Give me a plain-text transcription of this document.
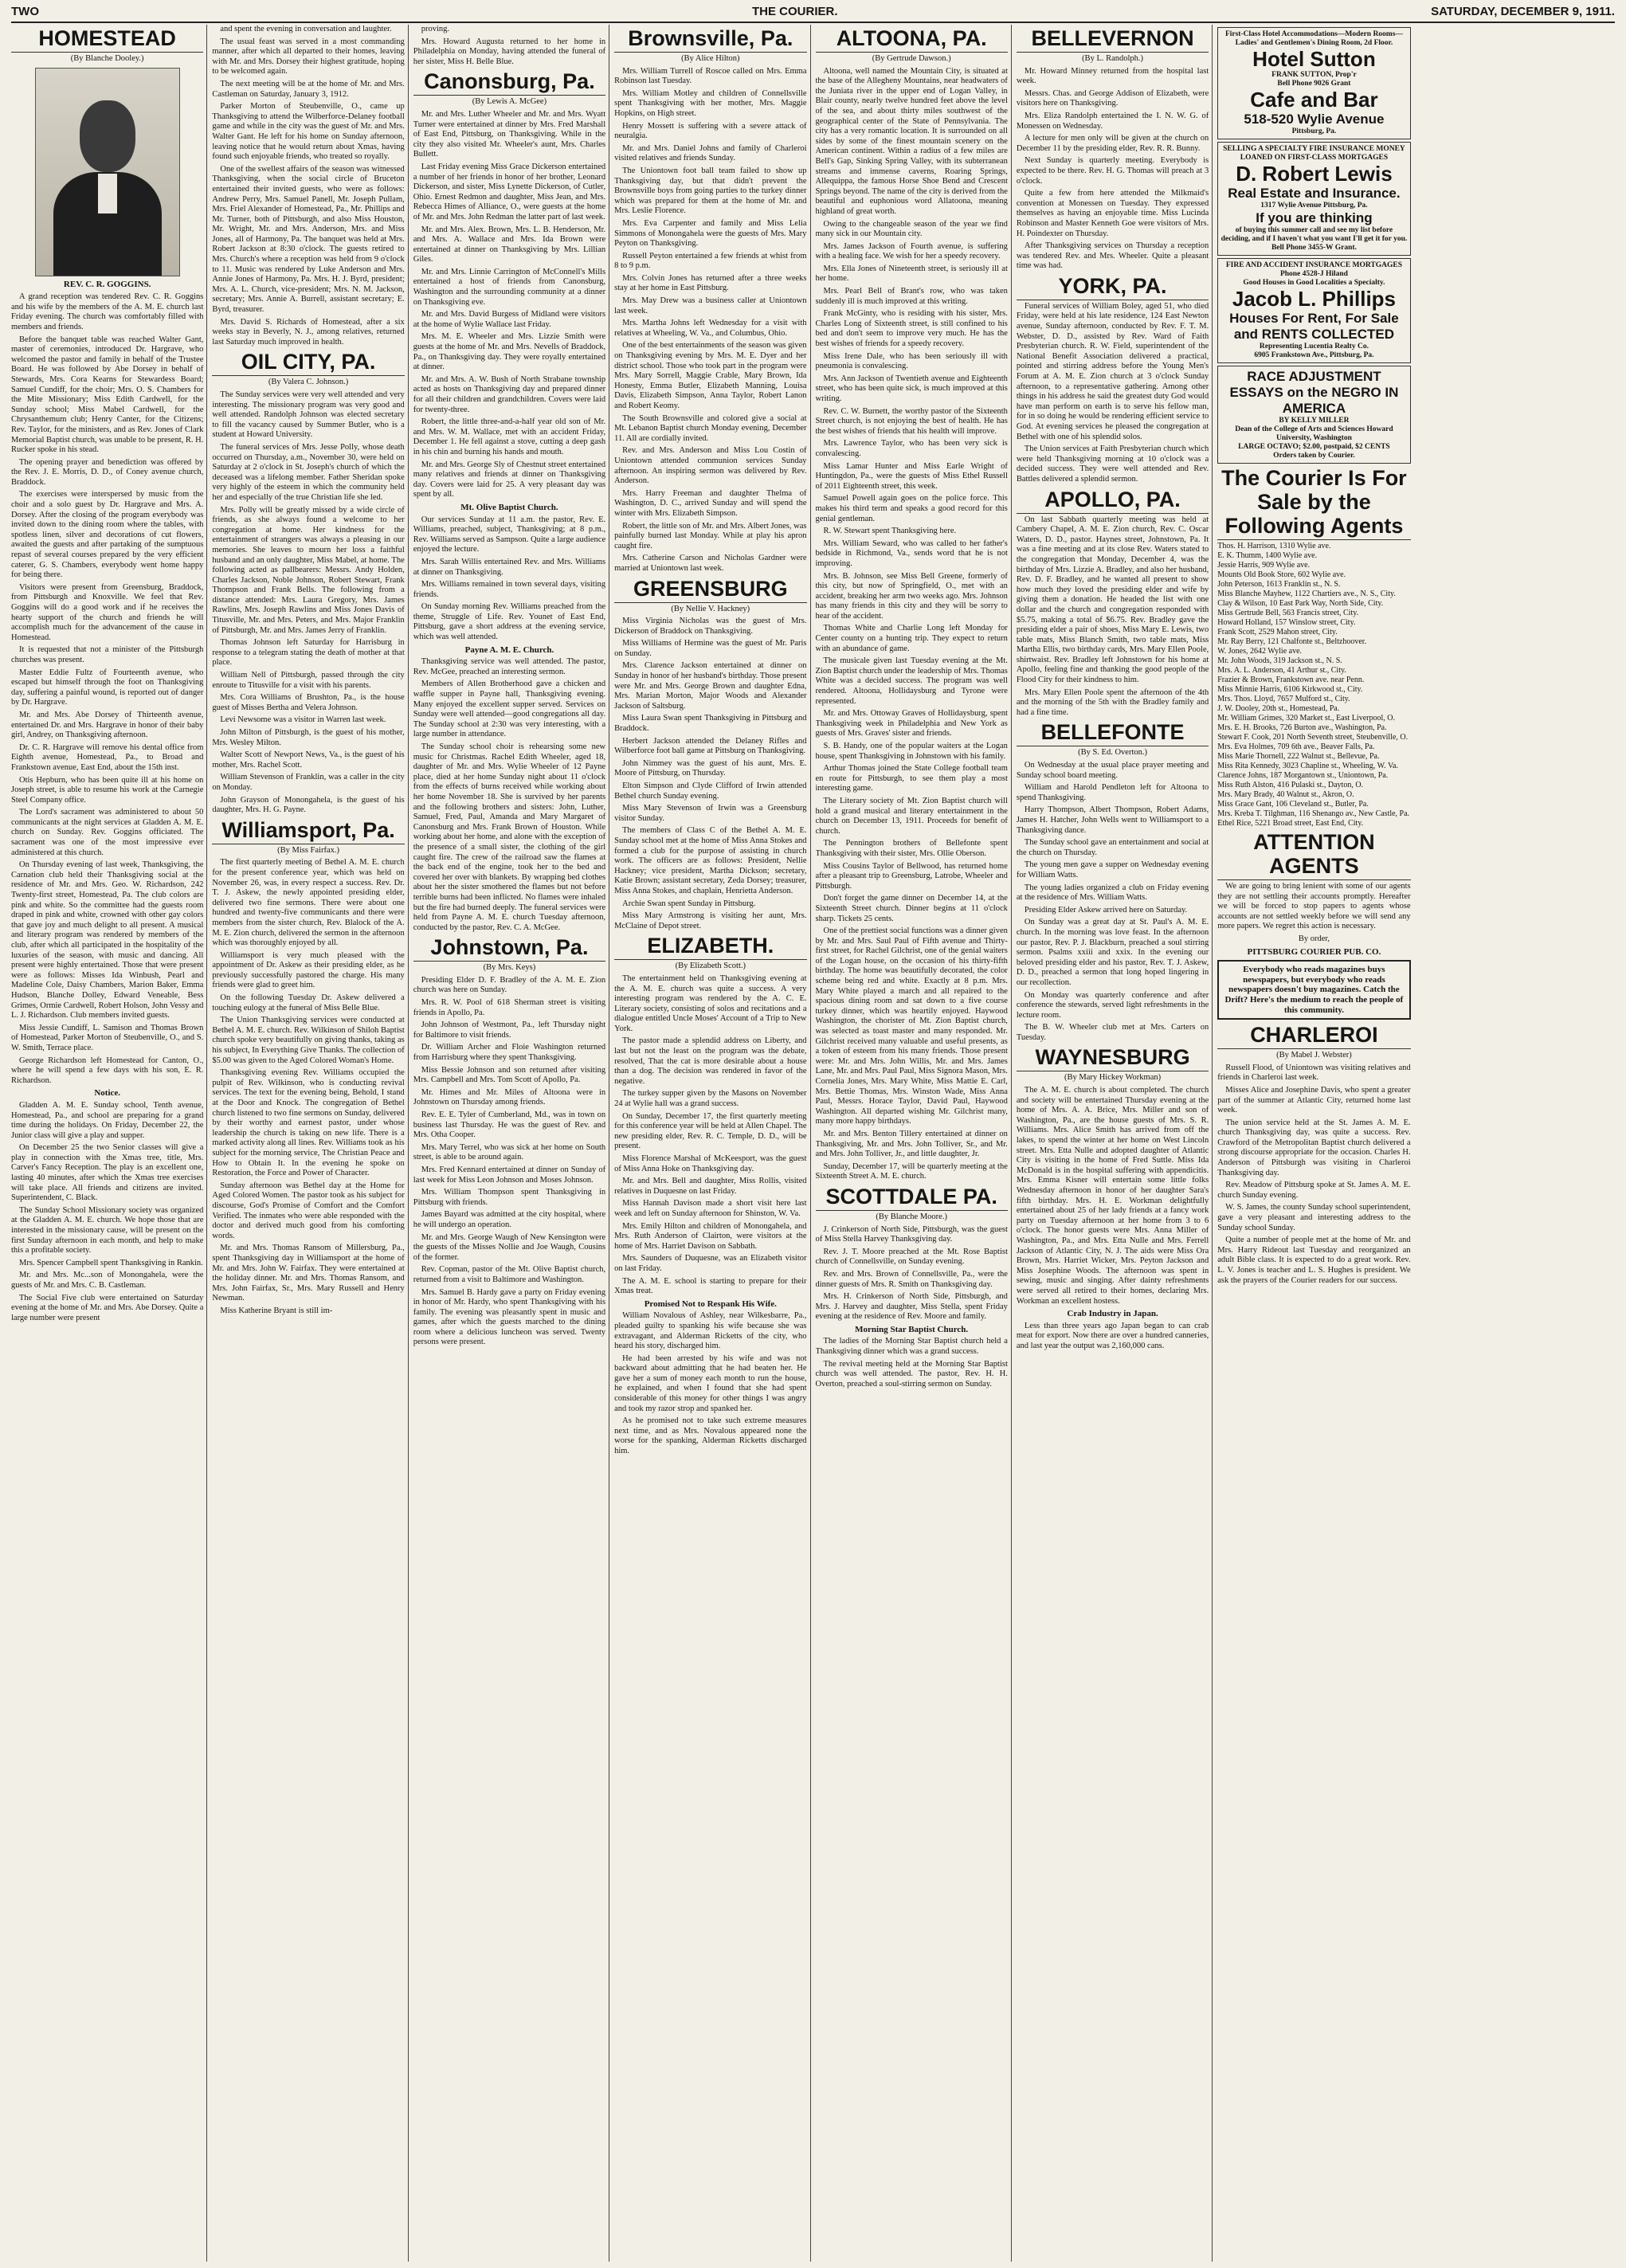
TWO	THE COURIER.	SATURDAY, DECEMBER 9, 1911.
HOMESTEAD
(By Blanche Dooley.)
REV. C. R. GOGGINS.

A grand reception was tendered Rev. C. R. Goggins and his wife by the members of the A. M. E. church last Friday evening. The church was comfortably filled with members and friends.

Before the banquet table was reached Walter Gant, master of ceremonies, introduced Dr. Hargrave, who welcomed the pastor and family in behalf of the Trustee Board. He was followed by Abe Dorsey in behalf of Stewards, Mrs. Cora Kearns for Stewardess Board; Samuel Cundiff, for the choir; Mrs. O. S. Chambers for the Mite Missionary; Miss Edith Cardwell, for the Sunday school; Miss Mabel Cardwell, for the Chrysanthemum club; Henry Canter, for the Citizens; Rev. Taylor, for the ministers, and as Rev. Jones of Clark Memorial Baptist church, was unable to be present, R. H. Rucker spoke in his stead.

The opening prayer and benediction was offered by the Rev. J. E. Morris, D. D., of Coney avenue church, Braddock.

The exercises were interspersed by music from the choir and a solo guest by Dr. Hargrave and Mrs. A. Dorsey. After the closing of the program everybody was invited down to the dining room where the tables, with spotless linen, silver and decorations of cut flowers, awaited the guests and after partaking of the sumptuous repast of several courses prepared by the very efficient caterer, G. S. Chambers, everybody went home happy for being there.

Visitors were present from Greensburg, Braddock, from Pittsburgh and Knoxville. We feel that Rev. Goggins will do a good work and if he receives the hearty support of the church and friends he will accomplish much for the advancement of the cause in Homestead.

It is requested that not a minister of the Pittsburgh churches was present.

Master Eddie Fultz of Fourteenth avenue, who escaped but himself through the foot on Thanksgiving day, suffering a painful wound, is reported out of danger by Dr. Hargrave.

Mr. and Mrs. Abe Dorsey of Thirteenth avenue, entertained Dr. and Mrs. Hargrave in honor of their baby girl, Andrey, on Thanksgiving afternoon.

Dr. C. R. Hargrave will remove his dental office from Eighth avenue, Homestead, Pa., to Broad and Frankstown avenue, East End, about the 15th inst.

Otis Hepburn, who has been quite ill at his home on Joseph street, is able to resume his work at the Carnegie Steel Company office.

The Lord's sacrament was administered to about 50 communicants at the night services at Gladden A. M. E. church on Sunday. Rev. Goggins officiated. The sacrament was one of the most impressive ever administered at this church.

On Thursday evening of last week, Thanksgiving, the Carnation club held their Thanksgiving social at the residence of Mr. and Mrs. Geo. W. Richardson, 242 Twenty-first street, Homestead, Pa. The club colors are pink and white. So the committee had the guests room draped in pink and white, crowned with other gay colors that gave joy and much delight to all present. A musical and literary program was rendered by members of the club, after which all participated in the hospitality of the luxuries of the season, with music and dancing. All present were highly entertained. Those that were present were as follows: Misses Ida Winbush, Pearl and Madeline Cole, Daisy Chambers, Marion Baker, Emma Hudson, Blanche Dolley, Edward Veneable, Bess Grimes, Ormie Cardwell, Robert Holson, John Vessy and L. J. Richardson. Club members invited guests.

Miss Jessie Cundiff, L. Samison and Thomas Brown of Homestead, Parker Morton of Steubenville, O., and S. W. Smith, Terrace place.

George Richardson left Homestead for Canton, O., where he will spend a few days with his son, E. R. Richardson.

Notice.

Gladden A. M. E. Sunday school, Tenth avenue, Homestead, Pa., and school are preparing for a grand time during the holidays. On Friday, December 22, the Junior class will give a play and supper.

On December 25 the two Senior classes will give a play in connection with the Xmas tree, title, Mrs. Carver's Fancy Reception. The play is an excellent one, lasting 40 minutes, after which the Xmas tree exercises will take place. All friends and citizens are invited. Superintendent, C. Black.

The Sunday School Missionary society was organized at the Gladden A. M. E. church. We hope those that are interested in the missionary cause, will be present on the first Sunday afternoon in each month, and help to make this a profitable society.

Mrs. Spencer Campbell spent Thanksgiving in Rankin.

Mr. and Mrs. Mc...son of Monongahela, were the guests of Mr. and Mrs. C. B. Castleman.

The Social Five club were entertained on Saturday evening at the home of Mr. and Mrs. Abe Dorsey. Quite a large number were present

and spent the evening in conversation and laughter.

The usual feast was served in a most commanding manner, after which all departed to their homes, leaving with Mr. and Mrs. Dorsey their highest gratitude, hoping to be welcomed again.

The next meeting will be at the home of Mr. and Mrs. Castleman on Saturday, January 3, 1912.

Parker Morton of Steubenville, O., came up Thanksgiving to attend the Wilberforce-Delaney football game and while in the city was the guest of Mr. and Mrs. Walter Gant. He left for his home on Sunday afternoon, leaving notice that he would return about Xmas, having found such enjoyable friends, who treated so royally.

One of the swellest affairs of the season was witnessed Thanksgiving, when the social circle of Bruceton entertained their invited guests, who were as follows: Andrew Perry, Mrs. Samuel Panell, Mr. Joseph Pullam, Mrs. Friel Alexander of Homestead, Pa., Mr. Phillips and Mr. Turner, both of Pittsburgh, and also Miss Houston, Mr. Wright, Mr. and Mrs. Anderson, Mrs. and Miss Jones, all of Harmony, Pa. The banquet was held at Mrs. Robert Jackson at 8:30 o'clock. The guests retired to Mrs. Church's where a reception was held from 9 o'clock to 11. Music was rendered by Luke Anderson and Mrs. Annie Jones of Harmony, Pa. Mrs. H. J. Byrd, president; Mrs. A. L. Church, vice-president; Mrs. N. M. Jackson, secretary; Mrs. Annie A. Burrell, assistant secretary; E. Byrd, treasurer.

Mrs. David S. Richards of Homestead, after a six weeks stay in Beverly, N. J., among relatives, returned last Saturday much improved in health.

OIL CITY, PA.
(By Valera C. Johnson.)

The Sunday services were very well attended and very interesting. The missionary program was very good and well attended. Randolph Johnson was elected secretary to fill the vacancy caused by Summer Butler, who is a student at Howard University.

The funeral services of Mrs. Jesse Polly, whose death occurred on Thursday, a.m., November 30, were held on Saturday at 2 o'clock in St. Joseph's church of which the deceased was a lifelong member. Father Sheridan spoke very highly of the esteem in which the community held her and especially of the true Christian life she led.

Mrs. Polly will be greatly missed by a wide circle of friends, as she always found a welcome to her congregation at home. Her kindness for the entertainment of strangers was always a pleasing in our memories. She leaves to mourn her loss a faithful husband and an only daughter, Miss Mabel, at home. The following acted as pallbearers: Messrs. Andy Holden, Charles Jackson, Noble Johnson, Robert Stewart, Frank Thompson and Frank Bells. The following from a distance attended: Mrs. Laura Gregory, Mrs. James Rawlins, Mrs. Joseph Rawlins and Miss Jones Davis of Titusville, Mr. and Mrs. Peters, and Mrs. Major Franklin of Pittsburgh, Mr. and Mrs. James Jerry of Franklin.

Thomas Johnson left Saturday for Harrisburg in response to a telegram stating the death of mother at that place.

William Nell of Pittsburgh, passed through the city enroute to Titusville for a visit with his parents.

Mrs. Cora Williams of Brushton, Pa., is the house guest of Misses Bertha and Velera Johnson.

Levi Newsome was a visitor in Warren last week.

John Milton of Pittsburgh, is the guest of his mother, Mrs. Wesley Milton.

Walter Scott of Newport News, Va., is the guest of his mother, Mrs. Rachel Scott.

William Stevenson of Franklin, was a caller in the city on Monday.

John Grayson of Monongahela, is the guest of his daughter, Mrs. H. G. Payne.

Williamsport, Pa.
(By Miss Fairfax.)

The first quarterly meeting of Bethel A. M. E. church for the present conference year, which was held on November 26, was, in every respect a success. Rev. Dr. T. J. Askew, the newly appointed presiding elder, delivered two fine sermons. There were about one hundred and twenty-five communicants and there were members from the sister church, Rev. Blalock of the A. M. E. Zion church, delivered the sermon in the afternoon which was thoroughly enjoyed by all.

Williamsport is very much pleased with the appointment of Dr. Askew as their presiding elder, as he previously successfully pastored the charge. His many friends were glad to greet him.

On the following Tuesday Dr. Askew delivered a touching eulogy at the funeral of Miss Belle Blue.

The Union Thanksgiving services were conducted at Bethel A. M. E. church. Rev. Wilkinson of Shiloh Baptist church spoke very beautifully on giving thanks, taking as his subject, In Everything Give Thanks. The collection of $5.00 was given to the Aged Colored Woman's Home.

Thanksgiving evening Rev. Williams occupied the pulpit of Rev. Wilkinson, who is conducting revival services. The text for the evening being, Behold, I stand at the Door and Knock. The congregation of Bethel church listened to two fine sermons on Sunday, delivered by their worthy and earnest pastor, under whose leadership the church is taking on new life. There is a marked activity along all lines. Rev. Williams took as his subject for the morning service, The Christian Peace and How to Obtain It. In the evening he spoke on Restoration, the Force and Power of Character.

Sunday afternoon was Bethel day at the Home for Aged Colored Women. The pastor took as his subject for discourse, God's Promise of Comfort and the Comfort Verified. The inmates who were able responded with the doctor and derived much good from his comforting words.

Mr. and Mrs. Thomas Ransom of Millersburg, Pa., spent Thanksgiving day in Williamsport at the home of Mr. and Mrs. John W. Fairfax. They were entertained at the holiday dinner. Mr. and Mrs. Thomas Ransom, and Mrs. John Fairfax, Sr., Mrs. Mary Russell and Henry Newman.

Miss Katherine Bryant is still im-

proving.

Mrs. Howard Augusta returned to her home in Philadelphia on Monday, having attended the funeral of her sister, Miss H. Belle Blue.

Canonsburg, Pa.
(By Lewis A. McGee)

Mr. and Mrs. Luther Wheeler and Mr. and Mrs. Wyatt Turner were entertained at dinner by Mrs. Fred Marshall of East End, Pittsburg, on Thanksgiving. While in the city they also visited Mr. Wheeler's aunt, Mrs. Charles Bullett.

Last Friday evening Miss Grace Dickerson entertained a number of her friends in honor of her brother, Leonard Dickerson, and sister, Miss Lynette Dickerson, of Cutler, Ohio. Ernest Redmon and daughter, Miss Jean, and Mrs. Rebecca Himes of Alliance, O., were guests at the home of Mr. and Mrs. John Redman the latter part of last week.

Mr. and Mrs. Alex. Brown, Mrs. L. B. Henderson, Mr. and Mrs. A. Wallace and Mrs. Ida Brown were entertained at dinner on Thanksgiving by Mrs. Lillian Giles.

Mr. and Mrs. Linnie Carrington of McConnell's Mills entertained a host of friends from Canonsburg, Washington and the surrounding community at a dinner on Thanksgiving eve.

Mr. and Mrs. David Burgess of Midland were visitors at the home of Wylie Wallace last Friday.

Mrs. M. E. Wheeler and Mrs. Lizzie Smith were guests at the home of Mr. and Mrs. Nevells of Braddock, Pa., on Thanksgiving day. They were royally entertained at dinner.

Mr. and Mrs. A. W. Bush of North Strabane township acted as hosts on Thanksgiving day and prepared dinner for all their children and grandchildren. Covers were laid for twenty-three.

Robert, the little three-and-a-half year old son of Mr. and Mrs. W. M. Wallace, met with an accident Friday, December 1. He fell against a stove, cutting a deep gash in his chin and burning his hands and mouth.

Mr. and Mrs. George Sly of Chestnut street entertained many relatives and friends at dinner on Thanksgiving day. Covers were laid for 25. A very pleasant day was spent by all.

Mt. Olive Baptist Church.

Our services Sunday at 11 a.m. the pastor, Rev. E. Williams, preached, subject, Thanksgiving; at 8 p.m., Rev. Williams served as Sampson. Quite a large audience enjoyed the lecture.

Mrs. Sarah Willis entertained Rev. and Mrs. Williams at dinner on Thanksgiving.

Mrs. Williams remained in town several days, visiting friends.

On Sunday morning Rev. Williams preached from the theme, Struggle of Life. Rev. Younet of East End, Pittsburg, gave a short address at the evening service, which was well attended.

Payne A. M. E. Church.

Thanksgiving service was well attended. The pastor, Rev. McGee, preached an interesting sermon.

Members of Allen Brotherhood gave a chicken and waffle supper in Payne hall, Thanksgiving evening. Many enjoyed the excellent supper served. Services on Sunday were well attended—good congregations all day. The Sunday school at 2:30 was very interesting, with a large number in attendance.

The Sunday school choir is rehearsing some new music for Christmas. Rachel Edith Wheeler, aged 18, daughter of Mr. and Mrs. Wylie Wheeler of 12 Payne place, died at her home Sunday night about 11 o'clock from the effects of burns received while working about her home November 18. She is survived by her parents and the following brothers and sisters: John, Luther, Samuel, Fred, Paul, Amanda and Mary Margaret of Canonsburg and Mrs. Frank Brown of Houston. While working about her home, and alone with the exception of the presence of a small sister, the clothing of the girl caught fire. The crew of the railroad saw the flames at the back end of the engine, took her to the bed and covered her over with blankets. By wrapping bed clothes about her the sister smothered the flames but not before terrible burns had been inflicted. No flames were inhaled but the fire had burned deeply. The funeral services were held from Payne A. M. E. church Tuesday afternoon, conducted by the pastor, Rev. C. A. McGee.

Johnstown, Pa.
(By Mrs. Keys)

Presiding Elder D. F. Bradley of the A. M. E. Zion church was here on Sunday.

Mrs. R. W. Pool of 618 Sherman street is visiting friends in Apollo, Pa.

John Johnson of Westmont, Pa., left Thursday night for Baltimore to visit friends.

Dr. William Archer and Floie Washington returned from Harrisburg where they spent Thanksgiving.

Miss Bessie Johnson and son returned after visiting Mrs. Campbell and Mrs. Tom Scott of Apollo, Pa.

Mr. Himes and Mr. Miles of Altoona were in Johnstown on Thursday among friends.

Rev. E. E. Tyler of Cumberland, Md., was in town on business last Thursday. He was the guest of Rev. and Mrs. Otha Cooper.

Mrs. Mary Terrel, who was sick at her home on South street, is able to be around again.

Mrs. Fred Kennard entertained at dinner on Sunday of last week for Miss Leon Johnson and Moses Johnson.

Mrs. William Thompson spent Thanksgiving in Pittsburg with friends.

James Bayard was admitted at the city hospital, where he will undergo an operation.

Mr. and Mrs. George Waugh of New Kensington were the guests of the Misses Nollie and Joe Waugh, Cousins of the former.

Rev. Copman, pastor of the Mt. Olive Baptist church, returned from a visit to Baltimore and Washington.

Mrs. Samuel B. Hardy gave a party on Friday evening in honor of Mr. Hardy, who spent Thanksgiving with his family. The evening was pleasantly spent in music and games, after which the guests marched to the dining room where a delicious luncheon was served. Twenty persons were present.

Brownsville, Pa.
(By Alice Hilton)

Mrs. William Turrell of Roscoe called on Mrs. Emma Robinson last Tuesday.

Mrs. William Motley and children of Connellsville spent Thanksgiving with her mother, Mrs. Maggie Hopkins, on High street.

Henry Mossett is suffering with a severe attack of neuralgia.

Mr. and Mrs. Daniel Johns and family of Charleroi visited relatives and friends Sunday.

The Uniontown foot ball team failed to show up Thanksgiving day, but that didn't prevent the Brownsville boys from going parties to the turkey dinner which was prepared for them at the home of Mr. and Mrs. Leslie Florence.

Mrs. Eva Carpenter and family and Miss Lelia Simmons of Monongahela were the guests of Mrs. Mary Peyton on Thanksgiving.

Russell Peyton entertained a few friends at whist from 8 to 9 p.m.

Mrs. Colvin Jones has returned after a three weeks stay at her home in East Pittsburg.

Mrs. May Drew was a business caller at Uniontown last week.

Mrs. Martha Johns left Wednesday for a visit with relatives at Wheeling, W. Va., and Columbus, Ohio.

One of the best entertainments of the season was given on Thanksgiving evening by Mrs. M. E. Dyer and her district school. Those who took part in the program were Mrs. Mary Sorrell, Maggie Crable, Mary Brown, Ida Honesty, Emma Butler, Elizabeth Manning, Louisa Davis, Elizabeth Simpson, Anna Taylor, Robert Lanon and Robert Keomy.

The South Brownsville and colored give a social at Mt. Lebanon Baptist church Monday evening, December 11. All are cordially invited.

Rev. and Mrs. Anderson and Miss Lou Costin of Uniontown attended communion services Sunday afternoon. An inspiring sermon was delivered by Rev. Anderson.

Mrs. Harry Freeman and daughter Thelma of Washington, D. C., arrived Sunday and will spend the winter with Mrs. Elizabeth Simpson.

Robert, the little son of Mr. and Mrs. Albert Jones, was painfully burned last Monday. While at play his apron caught fire.

Mrs. Catherine Carson and Nicholas Gardner were married at Uniontown last week.

GREENSBURG
(By Nellie V. Hackney)

Miss Virginia Nicholas was the guest of Mrs. Dickerson of Braddock on Thanksgiving.

Miss Williams of Hermine was the guest of Mr. Paris on Sunday.

Mrs. Clarence Jackson entertained at dinner on Sunday in honor of her husband's birthday. Those present were Mr. and Mrs. George Brown and daughter Edna, Mrs. Marian Morton, Major Woods and Alexander Jackson of Saltsburg.

Miss Laura Swan spent Thanksgiving in Pittsburg and Braddock.

Herbert Jackson attended the Delaney Rifles and Wilberforce foot ball game at Pittsburg on Thanksgiving.

John Nimmey was the guest of his aunt, Mrs. E. Moore of Pittsburg, on Thursday.

Elton Simpson and Clyde Clifford of Irwin attended Bethel church Sunday evening.

Miss Mary Stevenson of Irwin was a Greensburg visitor Sunday.

The members of Class C of the Bethel A. M. E. Sunday school met at the home of Miss Anna Stokes and formed a club for the purpose of assisting in church work. The officers are as follows: President, Nellie Hackney; vice president, Martha Dickson; secretary, Katie Brown; assistant secretary, Zeda Dorsey; treasurer, Miss Anna Stokes, and chaplain, Henrietta Anderson.

Archie Swan spent Sunday in Pittsburg.

Miss Mary Armstrong is visiting her aunt, Mrs. McClaine of Depot street.

ELIZABETH.
(By Elizabeth Scott.)

The entertainment held on Thanksgiving evening at the A. M. E. church was quite a success. A very interesting program was rendered by the A. C. E. Literary society, consisting of solos and recitations and a dialogue entitled Uncle Moses' Account of a Trip to New York.

The pastor made a splendid address on Liberty, and last but not the least on the program was the debate, resolved, That the cat is more desirable about a house than a dog. The decision was rendered in favor of the negative.

The turkey supper given by the Masons on November 24 at Wylie hall was a grand success.

On Sunday, December 17, the first quarterly meeting for this conference year will be held at Allen Chapel. The new presiding elder, Rev. R. C. Temple, D. D., will be present.

Miss Florence Marshal of McKeesport, was the guest of Miss Anna Hoke on Thanksgiving day.

Mr. and Mrs. Bell and daughter, Miss Rollis, visited relatives in Duquesne on last Friday.

Miss Hannah Davison made a short visit here last week and left on Sunday afternoon for Shinston, W. Va.

Mrs. Emily Hilton and children of Monongahela, and Mrs. Ruth Anderson of Clairton, were visitors at the home of Mrs. Harriet Davison on Sabbath.

Mrs. Saunders of Duquesne, was an Elizabeth visitor on last Friday.

The A. M. E. school is starting to prepare for their Xmas treat.

Promised Not to Respank His Wife.

William Novalous of Ashley, near Wilkesbarre, Pa., pleaded guilty to spanking his wife because she was extravagant, and Alderman Ricketts of the city, who heard his story, discharged him.

He had been arrested by his wife and was not backward about admitting that he had beaten her. He gave her a sum of money each month to run the house, he explained, and when I found that she had spent considerable of this money for other things I was angry and took my razor strop and spanked her.

As he promised not to take such extreme measures next time, and as Mrs. Novalous appeared none the worse for the spanking, Alderman Ricketts discharged him.

ALTOONA, PA.
(By Gertrude Dawson.)

Altoona, well named the Mountain City, is situated at the base of the Allegheny Mountains, near headwaters of the Juniata river in the upper end of Logan Valley, in Blair county, nearly twelve hundred feet above the level of the sea, and about thirty miles southwest of the geographical center of the State of Pennsylvania. The city has a very romantic location. It is surrounded on all sides by some of the finest mountain scenery on the American continent. Within a radius of a few miles are Bell's Gap, Sinking Spring Valley, with its subterranean streams and immense caverns, Roaring Springs, Allequippa, the famous Horse Shoe Bend and Crescent Springs beyond. The name of the city is derived from the beautiful and euphonious word Allatoona, meaning highland of great worth.

Owing to the changeable season of the year we find many sick in our Mountain city.

Mrs. James Jackson of Fourth avenue, is suffering with a healing face. We wish for her a speedy recovery.

Mrs. Ella Jones of Nineteenth street, is seriously ill at her home.

Mrs. Pearl Bell of Brant's row, who was taken suddenly ill is much improved at this writing.

Frank McGinty, who is residing with his sister, Mrs. Charles Long of Sixteenth street, is still confined to his bed and don't seem to improve very much. He has the best wishes of friends for a speedy recovery.

Miss Irene Dale, who has been seriously ill with pneumonia is convalescing.

Mrs. Ann Jackson of Twentieth avenue and Eighteenth street, who has been quite sick, is much improved at this writing.

Rev. C. W. Burnett, the worthy pastor of the Sixteenth Street church, is not enjoying the best of health. He has the best wishes of friends that his health will improve.

Mrs. Lawrence Taylor, who has been very sick is convalescing.

Miss Lamar Hunter and Miss Earle Wright of Huntingdon, Pa., were the guests of Miss Ethel Russell of 2011 Eighteenth street, this week.

Samuel Powell again goes on the police force. This makes his third term and speaks a good record for this genial gentleman.

R. W. Stewart spent Thanksgiving here.

Mrs. William Seward, who was called to her father's bedside in Richmond, Va., sends word that he is not improving.

Mrs. B. Johnson, see Miss Bell Greene, formerly of this city, but now of Springfield, O., met with an accident, breaking her arm two weeks ago. Mrs. Johnson has many friends in this city and they will be sorry to hear of the accident.

Thomas White and Charlie Long left Monday for Center county on a hunting trip. They expect to return with an abundance of game.

The musicale given last Tuesday evening at the Mt. Zion Baptist church under the leadership of Mrs. Thomas White was a decided success. The program was well rendered. Altoona, Hollidaysburg and Tyrone were represented.

Mr. and Mrs. Ottoway Graves of Hollidaysburg, spent Thanksgiving week in Philadelphia and New York as guests of Mrs. Graves' sister and friends.

S. B. Handy, one of the popular waiters at the Logan house, spent Thanksgiving in Johnstown with his family.

Arthur Thomas joined the State College football team en route for Pittsburgh, to see them play a most interesting game.

The Literary society of Mt. Zion Baptist church will hold a grand musical and literary entertainment in the church on December 13, 1911. Proceeds for benefit of church.

The Pennington brothers of Bellefonte spent Thanksgiving with their sister, Mrs. Ollie Oberson.

Miss Cousins Taylor of Bellwood, has returned home after a pleasant trip to Greensburg, Latrobe, Wheeler and Pittsburgh.

Don't forget the game dinner on December 14, at the Sixteenth Street church. Dinner begins at 11 o'clock sharp. Tickets 25 cents.

One of the prettiest social functions was a dinner given by Mr. and Mrs. Saul Paul of Fifth avenue and Thirty-first street, for Rachel Gilchrist, one of the genial waiters of the Logan house, on the occasion of his thirty-fifth birthday. The home was beautifully decorated, the color scheme being red and white. Exactly at 8 p.m. Mrs. Mary White played a march and all repaired to the spacious dining room and sat down to a five course turkey dinner, which was heartily enjoyed. Haywood Washington, the chorister of Mt. Zion Baptist church, was selected as toast master and many responded. Mr. Gilchrist received many valuable and useful presents, as a token of esteem from his many friends. Those present were: Mr. and Mrs. John Willis, Mr. and Mrs. James Lane, Mr. and Mrs. Paul Paul, Miss Signora Mason, Mrs. Cornelia Jones, Mrs. Mary White, Miss Mattie E. Carl, Mrs. Bettie Thomas, Mrs. Winston Wade, Miss Anna Paul, Messrs. Horace Taylor, David Paul, Haywood Washington. All departed wishing Mr. Gilchrist many, many more happy birthdays.

Mr. and Mrs. Benton Tillery entertained at dinner on Thanksgiving, Mr. and Mrs. John Tolliver, Sr., and Mr. and Mrs. John Tolliver, Jr., and little daughter, Jr.

Sunday, December 17, will be quarterly meeting at the Sixteenth Street A. M. E. church.

SCOTTDALE PA.
(By Blanche Moore.)

J. Crinkerson of North Side, Pittsburgh, was the guest of Miss Stella Harvey Thanksgiving day.

Rev. J. T. Moore preached at the Mt. Rose Baptist church of Connellsville, on Sunday evening.

Rev. and Mrs. Brown of Connellsville, Pa., were the dinner guests of Mrs. R. Smith on Thanksgiving day.

Mrs. H. Crinkerson of North Side, Pittsburgh, and Mrs. J. Harvey and daughter, Miss Stella, spent Friday evening at the residence of Rev. Moore and family.

Morning Star Baptist Church.

The ladies of the Morning Star Baptist church held a Thanksgiving dinner which was a grand success.

The revival meeting held at the Morning Star Baptist church was well attended. The pastor, Rev. H. H. Overton, preached a soul-stirring sermon on Sunday.

BELLEVERNON
(By L. Randolph.)

Mr. Howard Minney returned from the hospital last week.

Messrs. Chas. and George Addison of Elizabeth, were visitors here on Thanksgiving.

Mrs. Eliza Randolph entertained the I. N. W. G. of Monessen on Wednesday.

A lecture for men only will be given at the church on December 11 by the presiding elder, Rev. R. R. Bunny.

Next Sunday is quarterly meeting. Everybody is expected to be there. Rev. H. G. Thomas will preach at 3 o'clock.

Quite a few from here attended the Milkmaid's convention at Monessen on Tuesday. They expressed themselves as having an enjoyable time. Miss Lucinda Robinson and Master Kenneth Goe were visitors of Mrs. H. Poindexter on Thursday.

After Thanksgiving services on Thursday a reception was tendered Rev. and Mrs. Wheeler. Quite a pleasant time was had.

YORK, PA.

Funeral services of William Boley, aged 51, who died Friday, were held at his late residence, 124 East Newton avenue, Sunday afternoon, conducted by Rev. F. T. M. Webster, D. D., assisted by Rev. Ward of Faith Presbyterian church. R. W. Field, superintendent of the National Benefit Association delivered a practical, pointed and stirring address before the Young Men's Forum at A. M. E. Zion church at 3 o'clock Sunday afternoon, to a representative gathering. Among other things in his address he said the greatest duty God would have man perform on earth is to serve his fellow man, for in so doing he would be rendering efficient service to God. At evening services he pleased the congregation at Bethel with one of his splendid solos.

The Union services at Faith Presbyterian church which were held Thanksgiving morning at 10 o'clock was a decided success. They were well attended and Rev. Battles delivered a splendid sermon.

APOLLO, PA.

On last Sabbath quarterly meeting was held at Cambery Chapel, A. M. E. Zion church, Rev. C. Oscar Waters, D. D., pastor. Haynes street, Johnstown, Pa. It was a fine meeting and at its close Rev. Waters stated to the congregation that Monday, December 4, was the birthday of Mrs. Lizzie A. Bradley, and also her husband, Rev. D. F. Bradley, and he wanted all present to show how much they loved the presiding elder and wife by giving them a donation. He headed the list with one dollar and the church and congregation responded with $5.75, making a total of $6.75. Rev. Bradley gave the presiding elder a pair of shoes, Miss Mary E. Lewis, two table mats, Miss Blanch Smith, two table mats, Miss Martha Ellis, two birthday cards, Mrs. Mary Ellen Poole, shirtwaist. Rev. Bradley left Johnstown for his home at Apollo, feeling fine and thanking the good people of the Flood City for their kindness to him.

Mrs. Mary Ellen Poole spent the afternoon of the 4th and the morning of the 5th with the Bradley family and had a fine time.

BELLEFONTE
(By S. Ed. Overton.)

On Wednesday at the usual place prayer meeting and Sunday school board meeting.

William and Harold Pendleton left for Altoona to spend Thanksgiving.

Harry Thompson, Albert Thompson, Robert Adams, James H. Hatcher, John Wells went to Williamsport to a Thanksgiving dance.

The Sunday school gave an entertainment and social at the church on Thursday.

The young men gave a supper on Wednesday evening for William Watts.

The young ladies organized a club on Friday evening at the residence of Mrs. William Watts.

Presiding Elder Askew arrived here on Saturday.

On Sunday was a great day at St. Paul's A. M. E. church. In the morning was love feast. In the afternoon our pastor, Rev. P. J. Blackburn, preached a soul stirring sermon. Psalms xxiii and xxix. In the evening our beloved presiding elder and his pastor, Rev. T. J. Askew, D. D., preached a sermon that long hoped lingering in our recollection.

On Monday was quarterly conference and after conference the stewards, served light refreshments in the lecture room.

The B. W. Wheeler club met at Mrs. Carters on Tuesday.

WAYNESBURG
(By Mary Hickey Workman)

The A. M. E. church is about completed. The church and society will be entertained Thursday evening at the home of Mrs. A. A. Brice, Mrs. Miller and son of Washington, Pa., are the house guests of Mrs. S. R. Williams. Mrs. Alice Smith has arrived from off the lakes, to spend the winter at her home on West Lincoln street. Mrs. Etta Nulle and adopted daughter of Atlantic City is visiting in the home of Fred Suttle. Miss Ida McDonald is in the hospital suffering with appendicitis. Mrs. Emma Kisner will entertain some little folks Wednesday afternoon in honor of her daughter Sara's fifth birthday. Mrs. H. E. Workman delightfully entertained about 25 of her lady friends at a fancy work party on Tuesday afternoon at her home from 3 to 6 o'clock. The honor guests were Mrs. Anna Miller of Washington, Pa., and Mrs. Etta Nulle and Mrs. Ferrell Jackson of Atlantic City, N. J. The aids were Miss Ora Brown, Mrs. Harriet Wicker, Mrs. Peyton Jackson and Miss Josephine Woods. The afternoon was spent in sewing, music and singing. After dainty refreshments were served all retired to their homes, declaring Mrs. Workman an excellent hostess.

Crab Industry in Japan.

Less than three years ago Japan began to can crab meat for export. Now there are over a hundred canneries, and last year the output was 2,160,000 cans.

First-Class Hotel Accommodations—Modern Rooms—Ladies' and Gentlemen's Dining Room, 2d Floor.
Hotel Sutton
FRANK SUTTON, Prop'r
Bell Phone 9026 Grant
Cafe and Bar
518-520 Wylie Avenue
Pittsburg, Pa.
SELLING A SPECIALTY FIRE INSURANCE MONEY LOANED ON FIRST-CLASS MORTGAGES
D. Robert Lewis
Real Estate and Insurance.
1317 Wylie Avenue Pittsburg, Pa.
If you are thinking
of buying this summer call and see my list before deciding, and if I haven't what you want I'll get it for you.
Bell Phone 3455-W Grant.
FIRE AND ACCIDENT INSURANCE MORTGAGES
Phone 4528-J Hiland
Good Houses in Good Localities a Specialty.
Jacob L. Phillips
Houses For Rent, For Sale and RENTS COLLECTED
Representing Lucentia Realty Co.
6905 Frankstown Ave., Pittsburg, Pa.
RACE ADJUSTMENT
ESSAYS on the NEGRO IN AMERICA
BY KELLY MILLER
Dean of the College of Arts and Sciences Howard University, Washington
LARGE OCTAVO; $2.00, postpaid, $2 CENTS
Orders taken by Courier.
The Courier Is For Sale by the Following Agents

Thos. H. Harrison, 1310 Wylie ave.

E. K. Thumm, 1400 Wylie ave.

Jessie Harris, 909 Wylie ave.

Mounts Old Book Store, 602 Wylie ave.

John Peterson, 1613 Franklin st., N. S.

Miss Blanche Mayhew, 1122 Chartiers ave., N. S., City.

Clay & Wilson, 10 East Park Way, North Side, City.

Miss Gertrude Bell, 563 Francis street, City.

Howard Holland, 157 Winslow street, City.

Frank Scott, 2529 Mahon street, City.

Mr. Ray Berry, 121 Chalfonte st., Beltzhoover.

W. Jones, 2642 Wylie ave.

Mr. John Woods, 319 Jackson st., N. S.

Mrs. A. L. Anderson, 41 Arthur st., City.

Frazier & Brown, Frankstown ave. near Penn.

Miss Minnie Harris, 6106 Kirkwood st., City.

Mrs. Thos. Lloyd, 7657 Mulford st., City.

J. W. Dooley, 20th st., Homestead, Pa.

Mr. William Grimes, 320 Market st., East Liverpool, O.

Mrs. E. H. Brooks, 726 Burton ave., Washington, Pa.

Stewart F. Cook, 201 North Seventh street, Steubenville, O.

Mrs. Eva Holmes, 709 6th ave., Beaver Falls, Pa.

Miss Marie Thornell, 222 Walnut st., Bellevue, Pa.

Miss Rita Kennedy, 3023 Chapline st., Wheeling, W. Va.

Clarence Johns, 187 Morgantown st., Uniontown, Pa.

Miss Ruth Alston, 416 Pulaski st., Dayton, O.

Mrs. Mary Brady, 40 Walnut st., Akron, O.

Miss Grace Gant, 106 Cleveland st., Butler, Pa.

Mrs. Kreba T. Tilghman, 116 Shenango av., New Castle, Pa.

Ethel Rice, 5221 Broad street, East End, City.

ATTENTION AGENTS

We are going to bring lenient with some of our agents they are not settling their accounts promptly. Hereafter we will be forced to stop papers to agents whose accounts are not settled weekly before we will send any more papers. We regret this action is necessary.

By order,
PITTSBURG COURIER PUB. CO.
Everybody who reads magazines buys newspapers, but everybody who reads newspapers doesn't buy magazines. Catch the Drift? Here's the medium to reach the people of this community.
CHARLEROI
(By Mabel J. Webster)

Russell Flood, of Uniontown was visiting relatives and friends in Charleroi last week.

Misses Alice and Josephine Davis, who spent a greater part of the summer at Atlantic City, returned home last week.

The union service held at the St. James A. M. E. church Thanksgiving day, was quite a success. Rev. Crawford of the Metropolitan Baptist church delivered a strong discourse appropriate for the occasion. Charles H. Anderson of Pittsburgh was visiting in Charleroi Thanksgiving day.

Rev. Meadow of Pittsburg spoke at St. James A. M. E. church Sunday evening.

W. S. James, the county Sunday school superintendent, gave a very pleasant and interesting address to the Sunday school Sunday.

Quite a number of people met at the home of Mr. and Mrs. Harry Rideout last Tuesday and reorganized an adult Bible class. It is expected to do a great work. Rev. L. V. Jones is teacher and L. S. Hughes is president. We ask the prayers of the Courier readers for our success.
